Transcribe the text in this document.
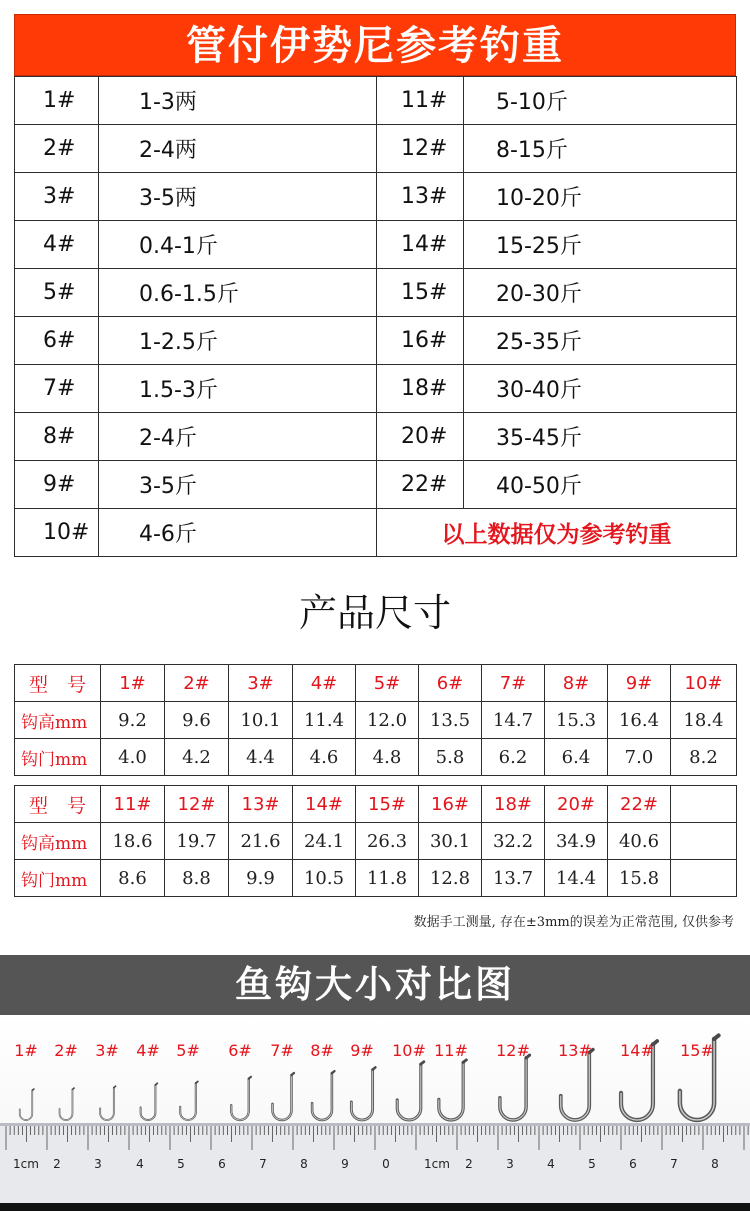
管付伊势尼参考钓重
1#	1-3两	11#	5-10斤
2#	2-4两	12#	8-15斤
3#	3-5两	13#	10-20斤
4#	0.4-1斤	14#	15-25斤
5#	0.6-1.5斤	15#	20-30斤
6#	1-2.5斤	16#	25-35斤
7#	1.5-3斤	18#	30-40斤
8#	2-4斤	20#	35-45斤
9#	3-5斤	22#	40-50斤
10#	4-6斤	以上数据仅为参考钓重	
产品尺寸
型　号	1#	2#	3#	4#	5#	6#	7#	8#	9#	10#
钩高mm	9.2	9.6	10.1	11.4	12.0	13.5	14.7	15.3	16.4	18.4
钩门mm	4.0	4.2	4.4	4.6	4.8	5.8	6.2	6.4	7.0	8.2
型　号	11#	12#	13#	14#	15#	16#	18#	20#	22#	
钩高mm	18.6	19.7	21.6	24.1	26.3	30.1	32.2	34.9	40.6	
钩门mm	8.6	8.8	9.9	10.5	11.8	12.8	13.7	14.4	15.8	
数据手工测量, 存在±3mm的误差为正常范围, 仅供参考
鱼钩大小对比图
1cm 2	3	4	5	6	7	8	9	0	1cm 2	3	4	5	6	7	8
1# 2# 3# 4# 5# 6# 7# 8# 9# 10# 11# 12# 13# 14# 15#
